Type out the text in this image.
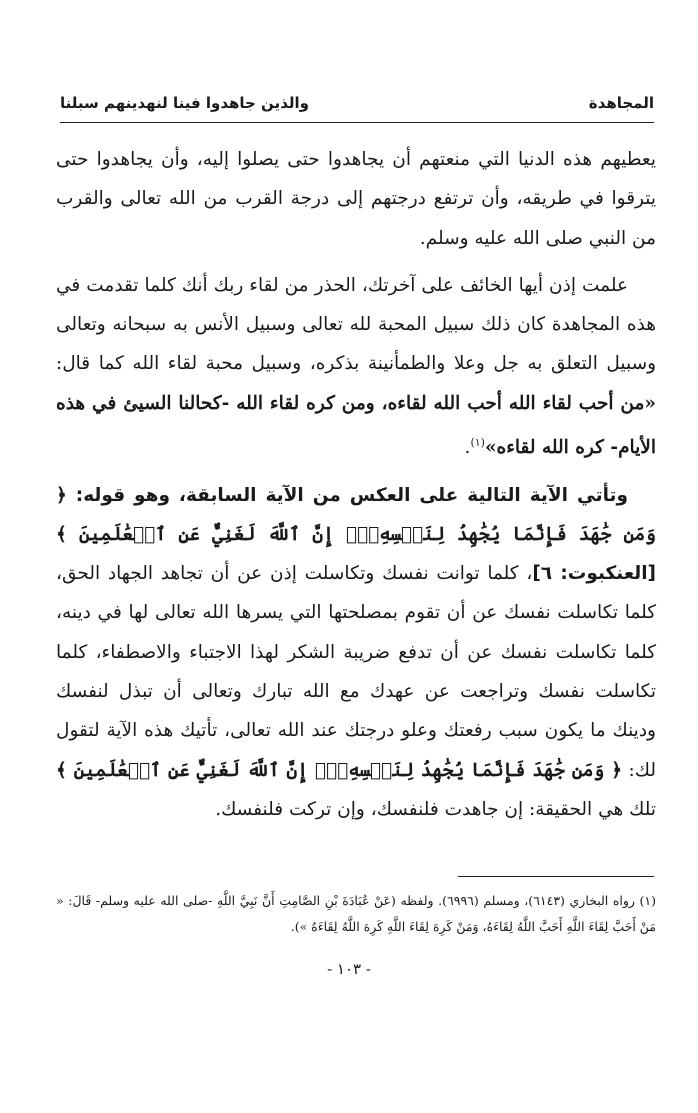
المجاهدة
والذين جاهدوا فينا لنهدينهم سبلنا

يعطيهم هذه الدنيا التي منعتهم أن يجاهدوا حتى يصلوا إليه، وأن يجاهدوا حتى يترقوا في طريقه، وأن ترتفع درجتهم إلى درجة القرب من الله تعالى والقرب من النبي صلى الله عليه وسلم.

علمت إذن أيها الخائف على آخرتك، الحذر من لقاء ربك أنك كلما تقدمت في هذه المجاهدة كان ذلك سبيل المحبة لله تعالى وسبيل الأنس به سبحانه وتعالى وسبيل التعلق به جل وعلا والطمأنينة بذكره، وسبيل محبة لقاء الله كما قال: «من أحب لقاء الله أحب الله لقاءه، ومن كره لقاء الله -كحالنا السيئ في هذه الأيام- كره الله لقاءه»$^{(١)}$.

وتأتي الآية التالية على العكس من الآية السابقة، وهو قوله: ﴿ وَمَن جَٰهَدَ فَإِنَّمَا يُجَٰهِدُ لِنَفۡسِهِۦٓۚ إِنَّ ٱللَّهَ لَغَنِيٌّ عَنِ ٱلۡعَٰلَمِينَ ﴾ [العنكبوت: ٦]، كلما توانت نفسك وتكاسلت إذن عن أن تجاهد الجهاد الحق، كلما تكاسلت نفسك عن أن تقوم بمصلحتها التي يسرها الله تعالى لها في دينه، كلما تكاسلت نفسك عن أن تدفع ضريبة الشكر لهذا الاجتباء والاصطفاء، كلما تكاسلت نفسك وتراجعت عن عهدك مع الله تبارك وتعالى أن تبذل لنفسك ودينك ما يكون سبب رفعتك وعلو درجتك عند الله تعالى، تأتيك هذه الآية لتقول لك: ﴿ وَمَن جَٰهَدَ فَإِنَّمَا يُجَٰهِدُ لِنَفۡسِهِۦٓۚ إِنَّ ٱللَّهَ لَغَنِيٌّ عَنِ ٱلۡعَٰلَمِينَ ﴾ تلك هي الحقيقة: إن جاهدت فلنفسك، وإن تركت فلنفسك.

(١) رواه البخاري (٦١٤٣)، ومسلم (٦٩٩٦). ولفظه (عَنْ عُبَادَةَ بْنِ الصَّامِتِ أَنَّ نَبِيَّ اللَّهِ -صلى الله عليه وسلم- قَالَ: « مَنْ أَحَبَّ لِقَاءَ اللَّهِ أَحَبَّ اللَّهُ لِقَاءَهُ، وَمَنْ كَرِهَ لِقَاءَ اللَّهِ كَرِهَ اللَّهُ لِقَاءَهُ »).

- ١٠٣ -
